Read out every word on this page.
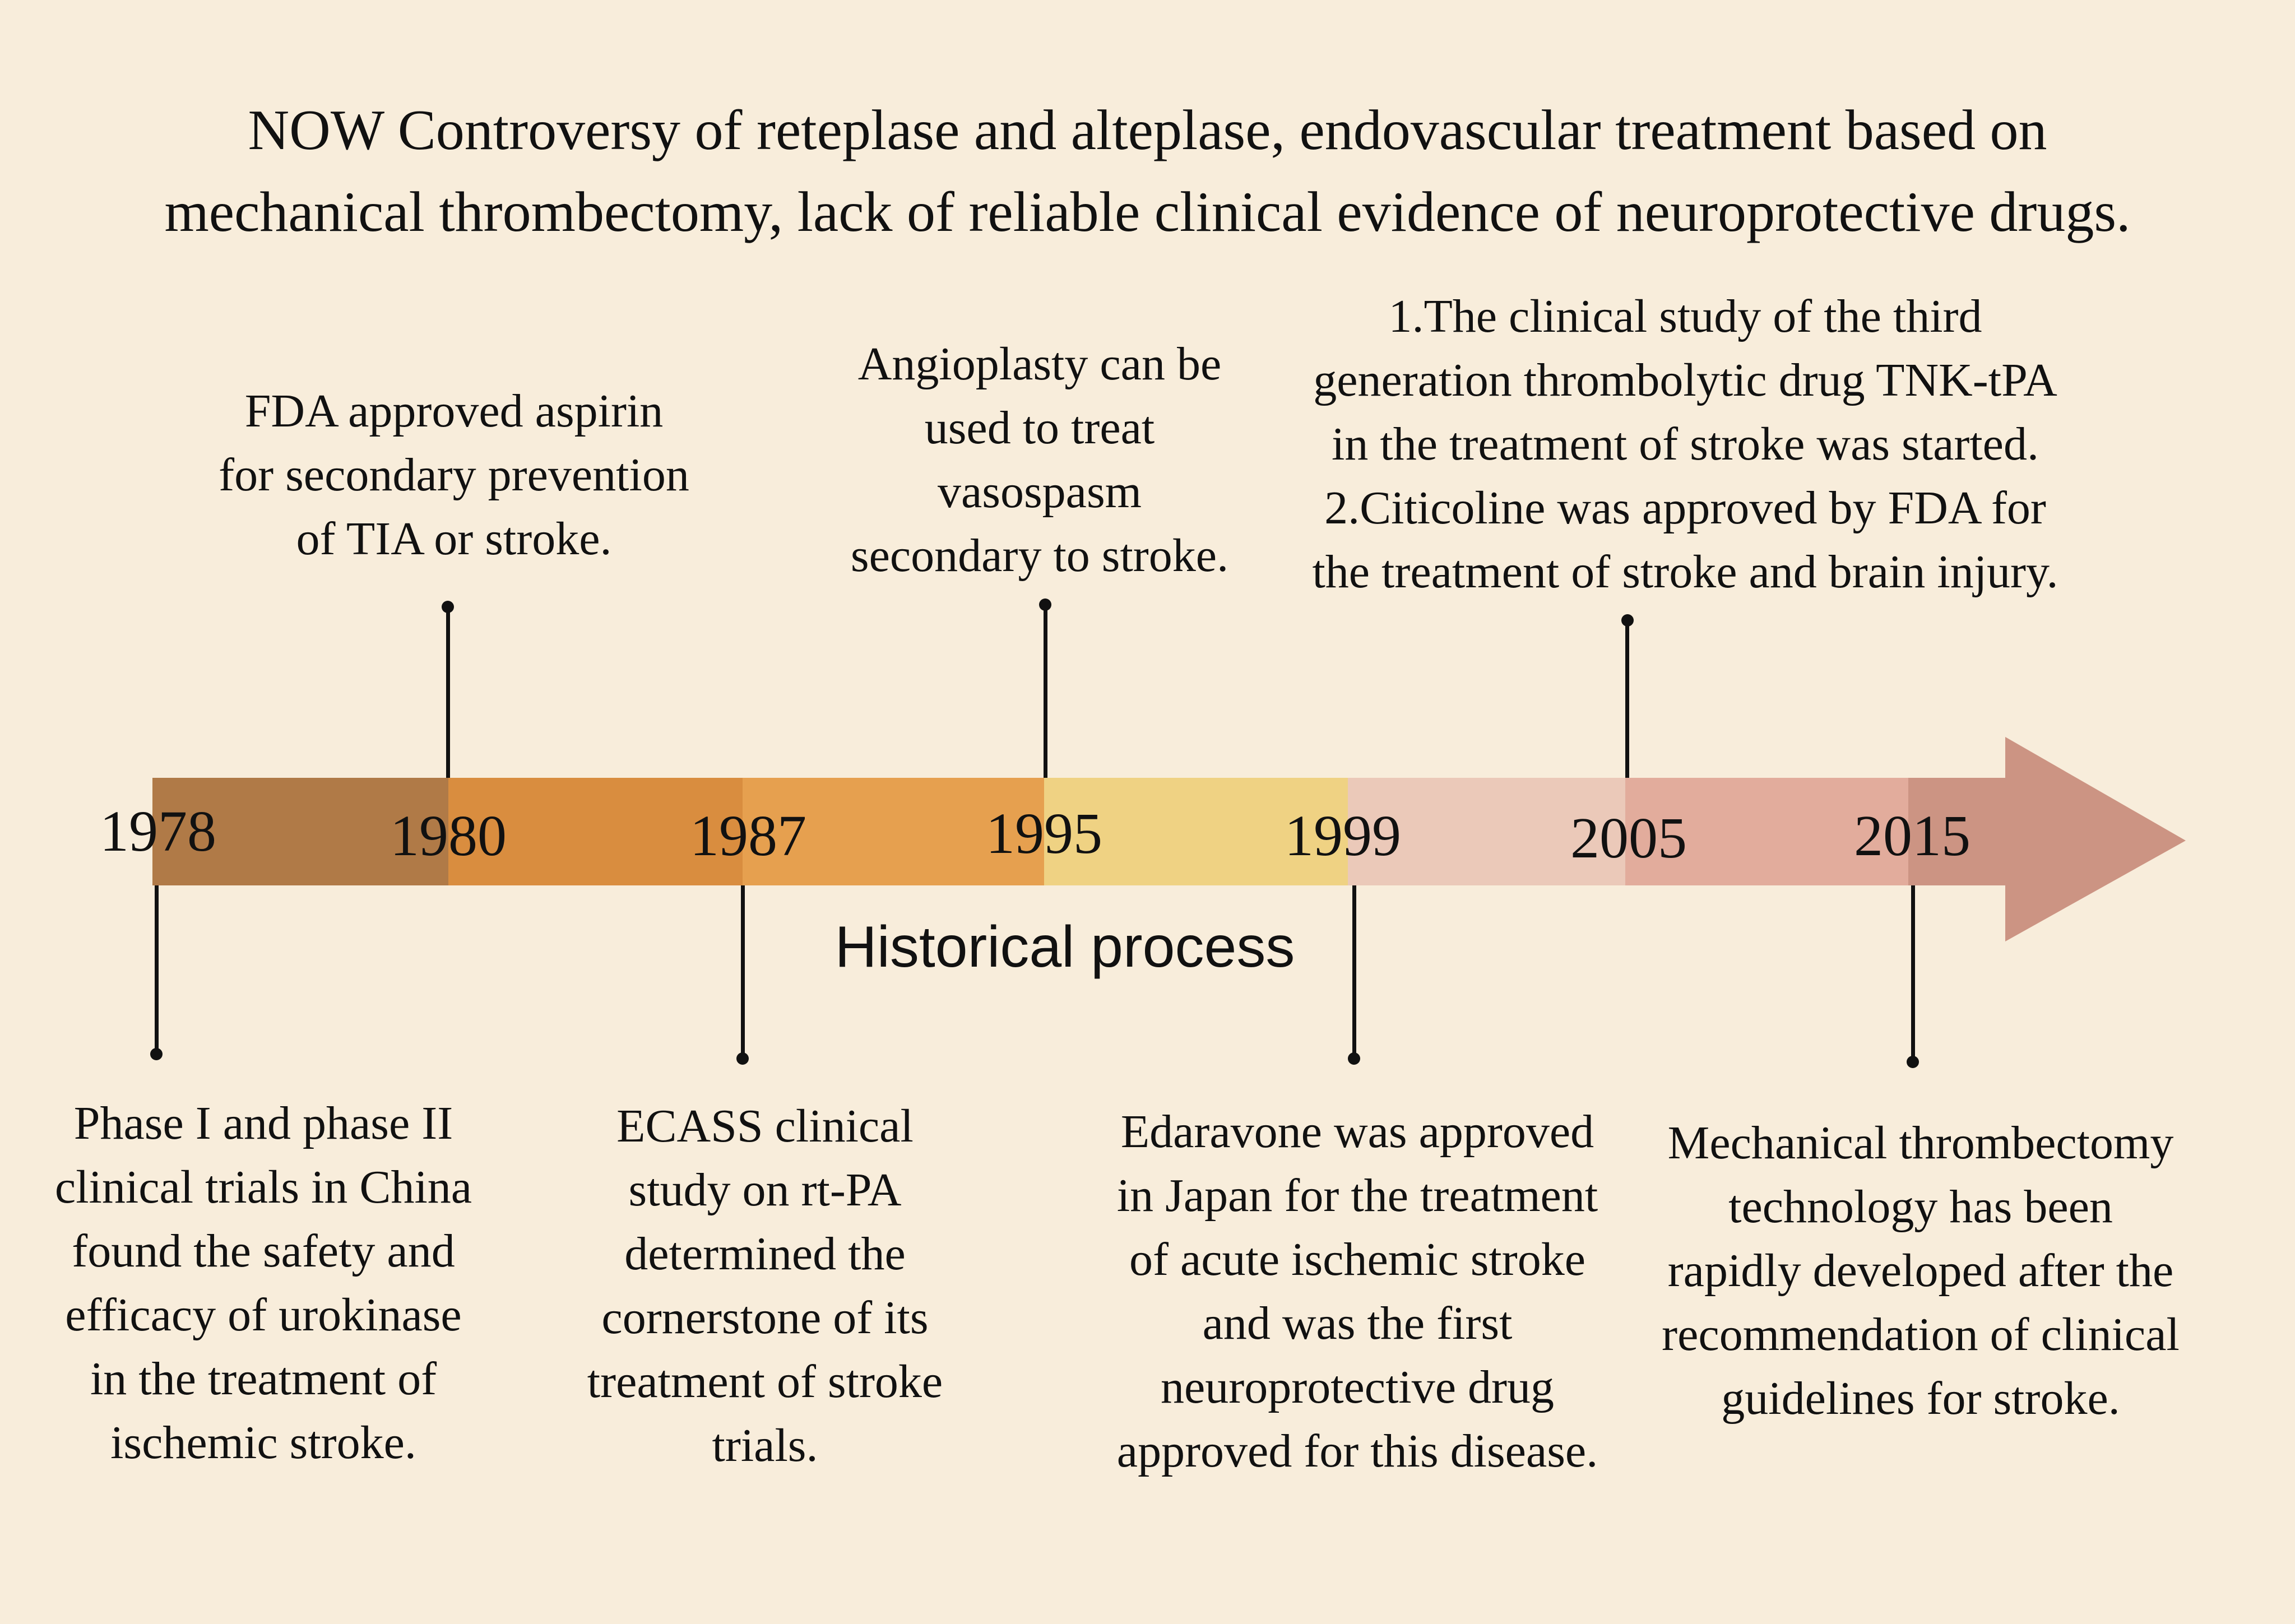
NOW Controversy of reteplase and alteplase, endovascular treatment based on
mechanical thrombectomy, lack of reliable clinical evidence of neuroprotective drugs.
1978	1980	1987	1995	1999	2005	2015
Historical process
FDA approved aspirin
for secondary prevention
of TIA or stroke.
Angioplasty can be
used to treat
vasospasm
secondary to stroke.
1.The clinical study of the third
generation thrombolytic drug TNK-tPA
in the treatment of stroke was started.
2.Citicoline was approved by FDA for
the treatment of stroke and brain injury.
Phase I and phase II
clinical trials in China
found the safety and
efficacy of urokinase
in the treatment of
ischemic stroke.
ECASS clinical
study on rt-PA
determined the
cornerstone of its
treatment of stroke
trials.
Edaravone was approved
in Japan for the treatment
of acute ischemic stroke
and was the first
neuroprotective drug
approved for this disease.
Mechanical thrombectomy
technology has been
rapidly developed after the
recommendation of clinical
guidelines for stroke.
